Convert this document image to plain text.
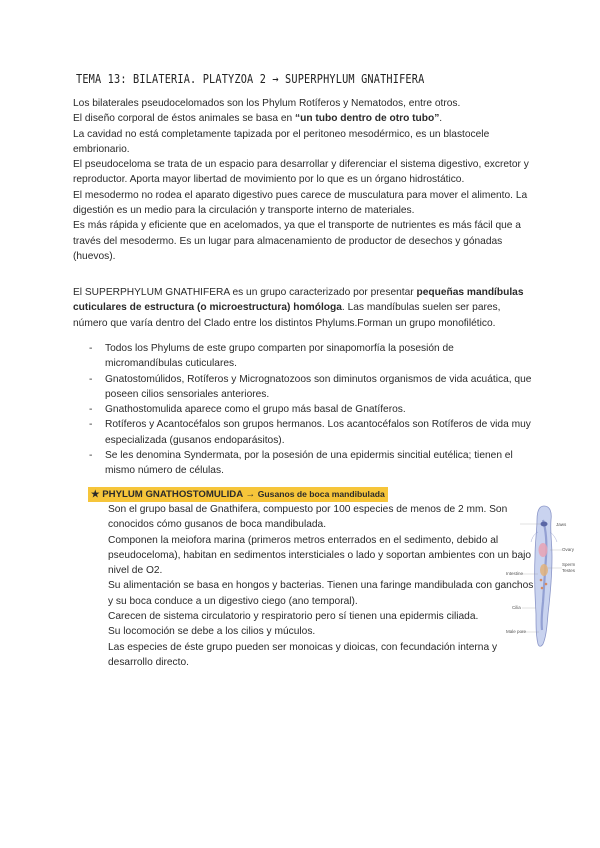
TEMA 13: BILATERIA. PLATYZOA 2 → SUPERPHYLUM GNATHIFERA

Los bilaterales pseudocelomados son los Phylum Rotíferos y Nematodos, entre otros.
El diseño corporal de éstos animales se basa en “un tubo dentro de otro tubo”.
La cavidad no está completamente tapizada por el peritoneo mesodérmico, es un blastocele embrionario.
El pseudoceloma se trata de un espacio para desarrollar y diferenciar el sistema digestivo, excretor y reproductor. Aporta mayor libertad de movimiento por lo que es un órgano hidrostático.
El mesodermo no rodea el aparato digestivo pues carece de musculatura para mover el alimento. La digestión es un medio para la circulación y transporte interno de materiales.
Es más rápida y eficiente que en acelomados, ya que el transporte de nutrientes es más fácil que a través del mesodermo. Es un lugar para almacenamiento de productor de desechos y gónadas (huevos).

El SUPERPHYLUM GNATHIFERA es un grupo caracterizado por presentar pequeñas mandíbulas cuticulares de estructura (o microestructura) homóloga. Las mandíbulas suelen ser pares, número que varía dentro del Clado entre los distintos Phylums.Forman un grupo monofilético.

- Todos los Phylums de este grupo comparten por sinapomorfía la posesión de micromandíbulas cuticulares.
- Gnatostomúlidos, Rotíferos y Micrognatozoos son diminutos organismos de vida acuática, que poseen cilios sensoriales anteriores.
- Gnathostomulida aparece como el grupo más basal de Gnatíferos.
- Rotíferos y Acantocéfalos son grupos hermanos. Los acantocéfalos son Rotíferos de vida muy especializada (gusanos endoparásitos).
- Se les denomina Syndermata, por la posesión de una epidermis sincitial eutélica; tienen el mismo número de células.
★ PHYLUM GNATHOSTOMULIDA → Gusanos de boca mandibulada

Son el grupo basal de Gnathifera, compuesto por 100 especies de menos de 2 mm. Son conocidos cómo gusanos de boca mandibulada.
Componen la meiofora marina (primeros metros enterrados en el sedimento, debido al pseudoceloma), habitan en sedimentos intersticiales o lado y soportan ambientes con un bajo nivel de O2.
Su alimentación se basa en hongos y bacterias. Tienen una faringe mandibulada con ganchos y su boca conduce a un digestivo ciego (ano temporal).
Carecen de sistema circulatorio y respiratorio pero sí tienen una epidermis ciliada.
Su locomoción se debe a los cilios y múculos.
Las especies de éste grupo pueden ser monoicas y dioicas, con fecundación interna y desarrollo directo.

Jaws
Ovary
Sperm
Testes
Intestine
Cilia
Male pore
